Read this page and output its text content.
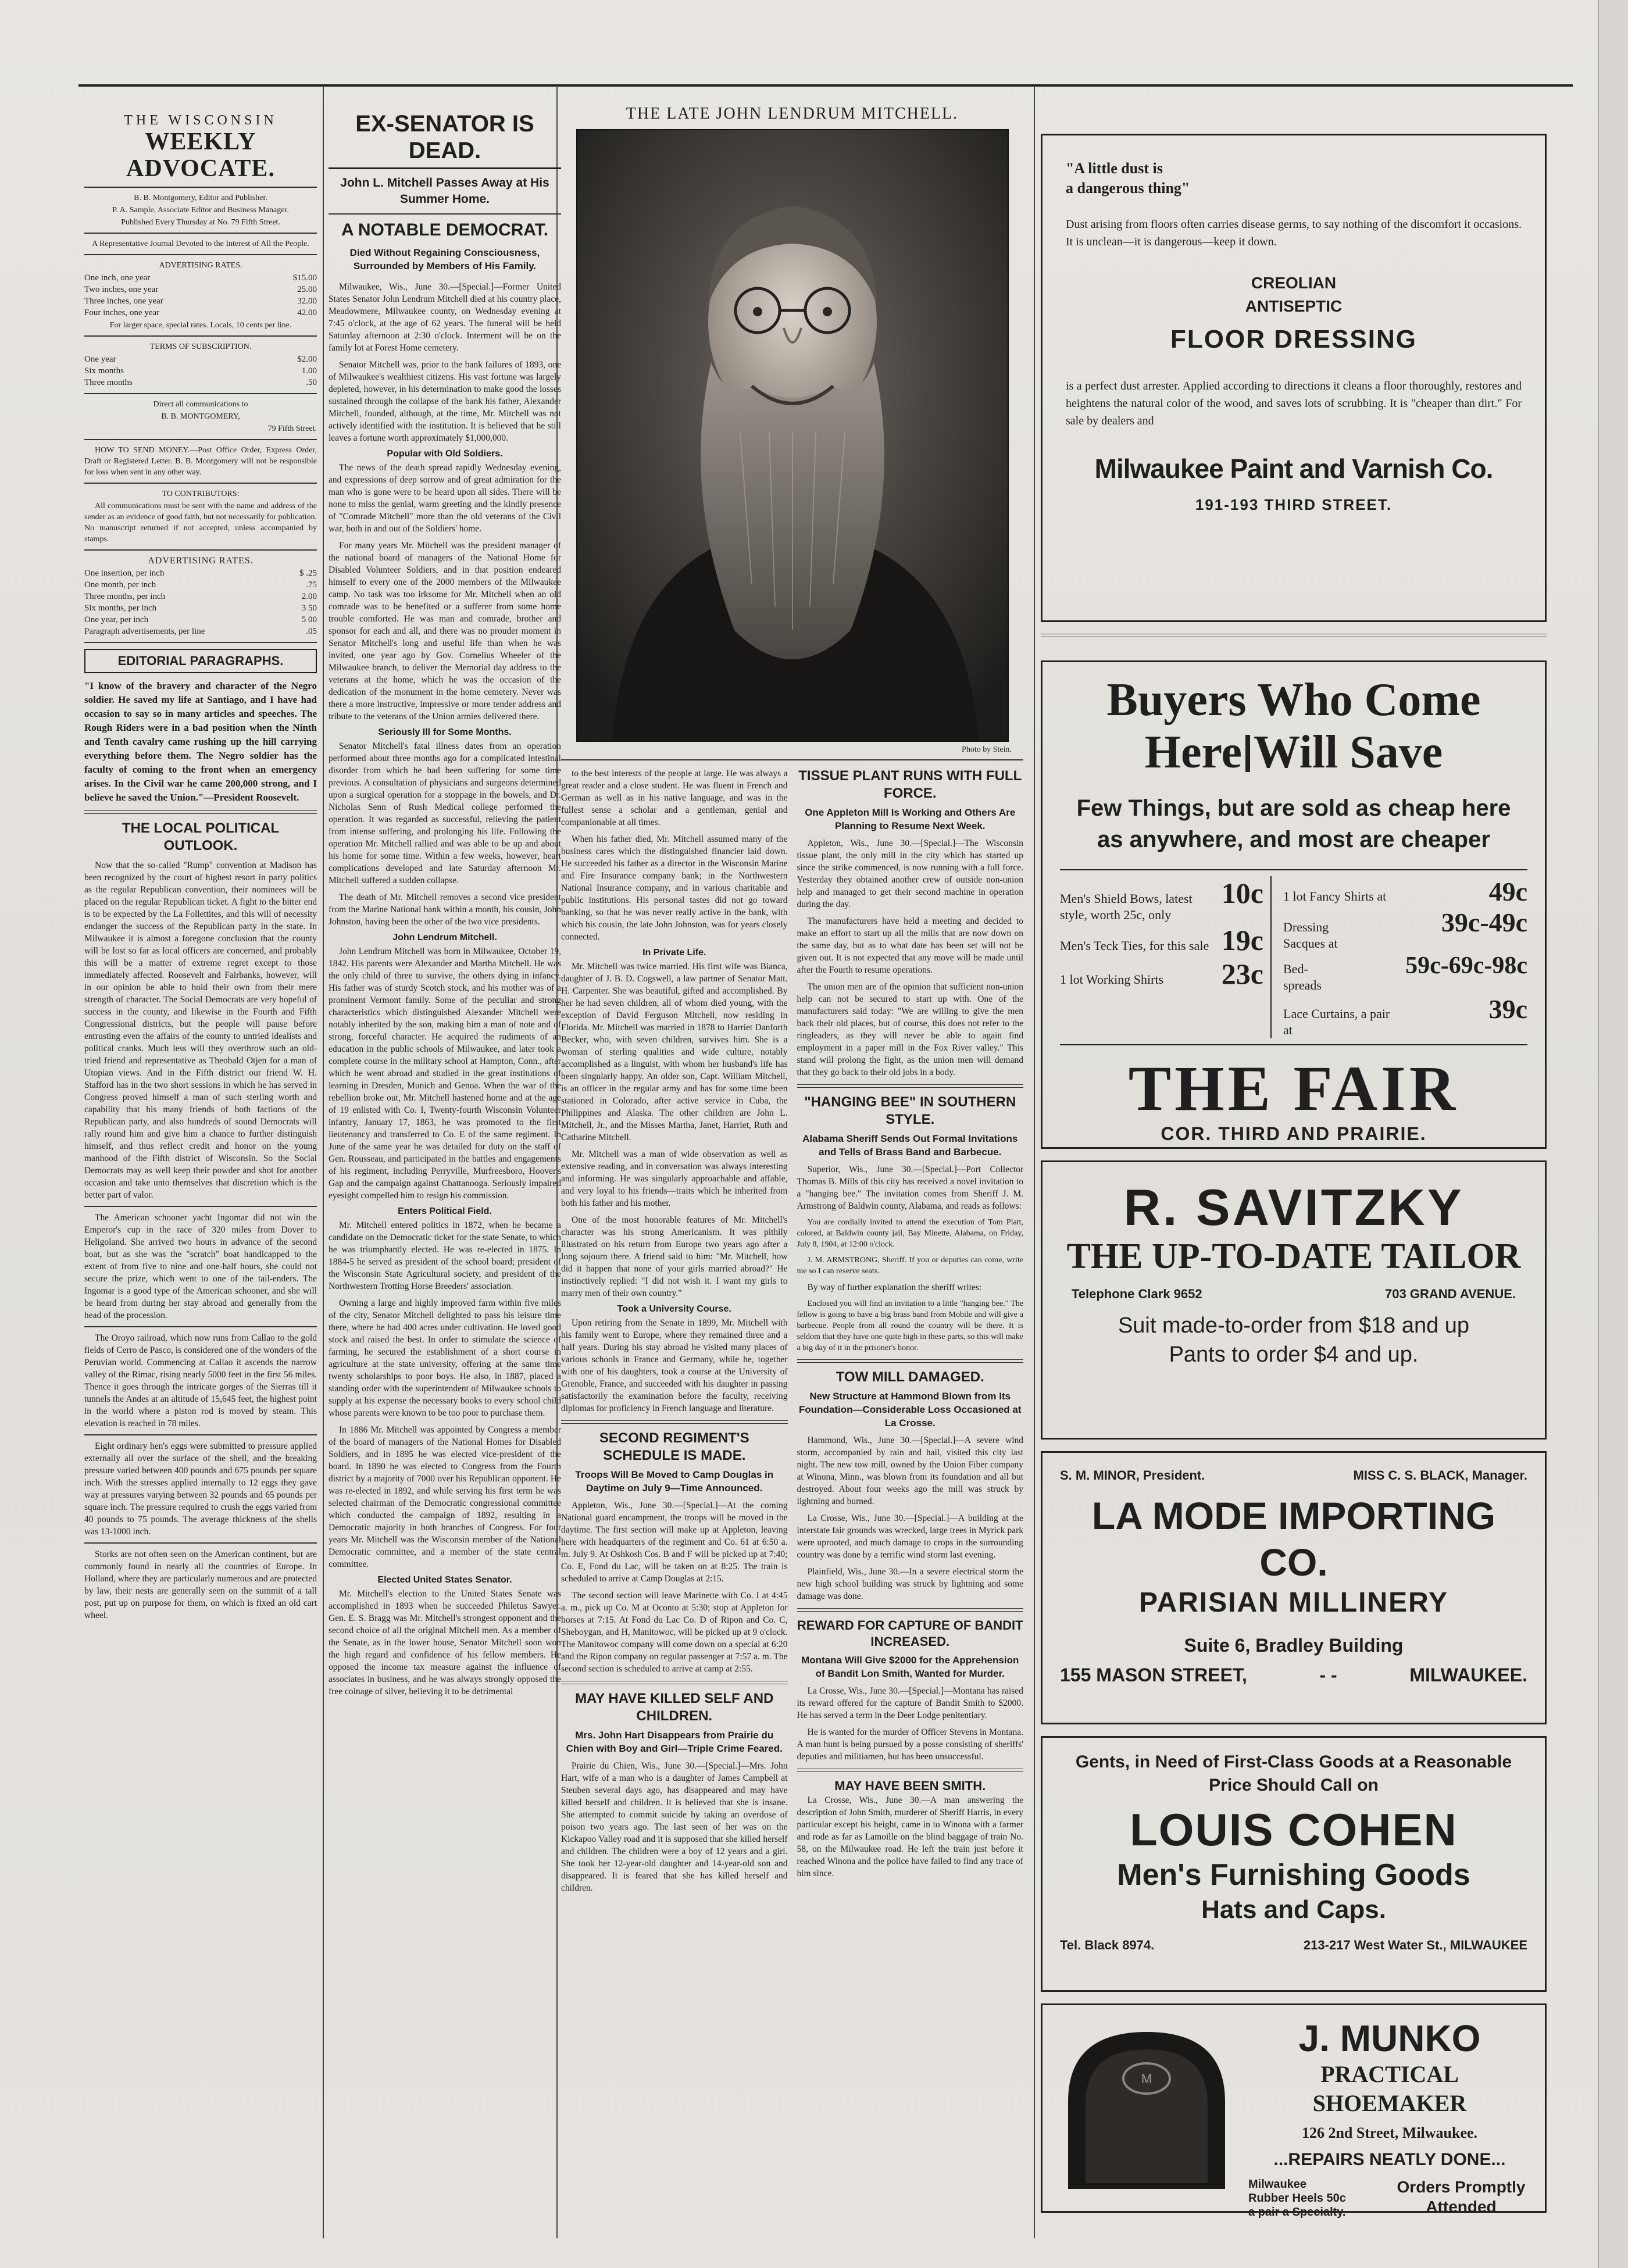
THE WISCONSIN
WEEKLY ADVOCATE.
B. B. Montgomery, Editor and Publisher.
P. A. Sample, Associate Editor and Business Manager.
Published Every Thursday at No. 79 Fifth Street.
A Representative Journal Devoted to the Interest of All the People.
ADVERTISING RATES.
One inch, one year	$15.00
Two inches, one year	25.00
Three inches, one year	32.00
Four inches, one year	42.00
For larger space, special rates. Locals, 10 cents per line.
TERMS OF SUBSCRIPTION.
One year	$2.00
Six months	1.00
Three months	.50
Direct all communications to
B. B. MONTGOMERY,
79 Fifth Street.

HOW TO SEND MONEY.—Post Office Order, Express Order, Draft or Registered Letter. B. B. Montgomery will not be responsible for loss when sent in any other way.

TO CONTRIBUTORS:

All communications must be sent with the name and address of the sender as an evidence of good faith, but not necessarily for publication. No manuscript returned if not accepted, unless accompanied by stamps.

ADVERTISING RATES.
One insertion, per inch	$ .25
One month, per inch	.75
Three months, per inch	2.00
Six months, per inch	3 50
One year, per inch	5 00
Paragraph advertisements, per line	.05
EDITORIAL PARAGRAPHS.

"I know of the bravery and character of the Negro soldier. He saved my life at Santiago, and I have had occasion to say so in many articles and speeches. The Rough Riders were in a bad position when the Ninth and Tenth cavalry came rushing up the hill carrying everything before them. The Negro soldier has the faculty of coming to the front when an emergency arises. In the Civil war he came 200,000 strong, and I believe he saved the Union."—President Roosevelt.

THE LOCAL POLITICAL OUTLOOK.

Now that the so-called "Rump" convention at Madison has been recognized by the court of highest resort in party politics as the regular Republican convention, their nominees will be placed on the regular Republican ticket. A fight to the bitter end is to be expected by the La Follettites, and this will of necessity endanger the success of the Republican party in the state. In Milwaukee it is almost a foregone conclusion that the county will be lost so far as local officers are concerned, and probably this will be a matter of extreme regret except to those immediately affected. Roosevelt and Fairbanks, however, will in our opinion be able to hold their own from their mere strength of character. The Social Democrats are very hopeful of success in the county, and likewise in the Fourth and Fifth Congressional districts, but the people will pause before entrusting even the affairs of the county to untried idealists and political cranks. Much less will they overthrow such an old-tried friend and representative as Theobald Otjen for a man of Utopian views. And in the Fifth district our friend W. H. Stafford has in the two short sessions in which he has served in Congress proved himself a man of such sterling worth and capability that his many friends of both factions of the Republican party, and also hundreds of sound Democrats will rally round him and give him a chance to further distinguish himself, and thus reflect credit and honor on the young manhood of the Fifth district of Wisconsin. So the Social Democrats may as well keep their powder and shot for another occasion and take unto themselves that discretion which is the better part of valor.

The American schooner yacht Ingomar did not win the Emperor's cup in the race of 320 miles from Dover to Heligoland. She arrived two hours in advance of the second boat, but as she was the "scratch" boat handicapped to the extent of from five to nine and one-half hours, she could not secure the prize, which went to one of the tail-enders. The Ingomar is a good type of the American schooner, and she will be heard from during her stay abroad and generally from the head of the procession.

The Oroyo railroad, which now runs from Callao to the gold fields of Cerro de Pasco, is considered one of the wonders of the Peruvian world. Commencing at Callao it ascends the narrow valley of the Rimac, rising nearly 5000 feet in the first 56 miles. Thence it goes through the intricate gorges of the Sierras till it tunnels the Andes at an altitude of 15,645 feet, the highest point in the world where a piston rod is moved by steam. This elevation is reached in 78 miles.

Eight ordinary hen's eggs were submitted to pressure applied externally all over the surface of the shell, and the breaking pressure varied between 400 pounds and 675 pounds per square inch. With the stresses applied internally to 12 eggs they gave way at pressures varying between 32 pounds and 65 pounds per square inch. The pressure required to crush the eggs varied from 40 pounds to 75 pounds. The average thickness of the shells was 13-1000 inch.

Storks are not often seen on the American continent, but are commonly found in nearly all the countries of Europe. In Holland, where they are particularly numerous and are protected by law, their nests are generally seen on the summit of a tall post, put up on purpose for them, on which is fixed an old cart wheel.

EX-SENATOR IS DEAD.
John L. Mitchell Passes Away at His Summer Home.
A NOTABLE DEMOCRAT.
Died Without Regaining Consciousness, Surrounded by Members of His Family.

Milwaukee, Wis., June 30.—[Special.]—Former United States Senator John Lendrum Mitchell died at his country place, Meadowmere, Milwaukee county, on Wednesday evening at 7:45 o'clock, at the age of 62 years. The funeral will be held Saturday afternoon at 2:30 o'clock. Interment will be on the family lot at Forest Home cemetery.

Senator Mitchell was, prior to the bank failures of 1893, one of Milwaukee's wealthiest citizens. His vast fortune was largely depleted, however, in his determination to make good the losses sustained through the collapse of the bank his father, Alexander Mitchell, founded, although, at the time, Mr. Mitchell was not actively identified with the institution. It is believed that he still leaves a fortune worth approximately $1,000,000.

Popular with Old Soldiers.

The news of the death spread rapidly Wednesday evening, and expressions of deep sorrow and of great admiration for the man who is gone were to be heard upon all sides. There will be none to miss the genial, warm greeting and the kindly presence of "Comrade Mitchell" more than the old veterans of the Civil war, both in and out of the Soldiers' home.

For many years Mr. Mitchell was the president manager of the national board of managers of the National Home for Disabled Volunteer Soldiers, and in that position endeared himself to every one of the 2000 members of the Milwaukee camp. No task was too irksome for Mr. Mitchell when an old comrade was to be benefited or a sufferer from some home trouble comforted. He was man and comrade, brother and sponsor for each and all, and there was no prouder moment in Senator Mitchell's long and useful life than when he was invited, one year ago by Gov. Cornelius Wheeler of the Milwaukee branch, to deliver the Memorial day address to the veterans at the home, which he was the occasion of the dedication of the monument in the home cemetery. Never was there a more instructive, impressive or more tender address and tribute to the veterans of the Union armies delivered there.

Seriously Ill for Some Months.

Senator Mitchell's fatal illness dates from an operation performed about three months ago for a complicated intestinal disorder from which he had been suffering for some time previous. A consultation of physicians and surgeons determined upon a surgical operation for a stoppage in the bowels, and Dr. Nicholas Senn of Rush Medical college performed the operation. It was regarded as successful, relieving the patient from intense suffering, and prolonging his life. Following the operation Mr. Mitchell rallied and was able to be up and about his home for some time. Within a few weeks, however, heart complications developed and late Saturday afternoon Mr. Mitchell suffered a sudden collapse.

The death of Mr. Mitchell removes a second vice president from the Marine National bank within a month, his cousin, John Johnston, having been the other of the two vice presidents.

John Lendrum Mitchell.

John Lendrum Mitchell was born in Milwaukee, October 19, 1842. His parents were Alexander and Martha Mitchell. He was the only child of three to survive, the others dying in infancy. His father was of sturdy Scotch stock, and his mother was of a prominent Vermont family. Some of the peculiar and strong characteristics which distinguished Alexander Mitchell were notably inherited by the son, making him a man of note and of strong, forceful character. He acquired the rudiments of an education in the public schools of Milwaukee, and later took a complete course in the military school at Hampton, Conn., after which he went abroad and studied in the great institutions of learning in Dresden, Munich and Genoa. When the war of the rebellion broke out, Mr. Mitchell hastened home and at the age of 19 enlisted with Co. I, Twenty-fourth Wisconsin Volunteer infantry, January 17, 1863, he was promoted to the first lieutenancy and transferred to Co. E of the same regiment. In June of the same year he was detailed for duty on the staff of Gen. Rousseau, and participated in the battles and engagements of his regiment, including Perryville, Murfreesboro, Hoover's Gap and the campaign against Chattanooga. Seriously impaired eyesight compelled him to resign his commission.

Enters Political Field.

Mr. Mitchell entered politics in 1872, when he became a candidate on the Democratic ticket for the state Senate, to which he was triumphantly elected. He was re-elected in 1875. In 1884-5 he served as president of the school board; president of the Wisconsin State Agricultural society, and president of the Northwestern Trotting Horse Breeders' association.

Owning a large and highly improved farm within five miles of the city, Senator Mitchell delighted to pass his leisure time there, where he had 400 acres under cultivation. He loved good stock and raised the best. In order to stimulate the science of farming, he secured the establishment of a short course in agriculture at the state university, offering at the same time twenty scholarships to poor boys. He also, in 1887, placed a standing order with the superintendent of Milwaukee schools to supply at his expense the necessary books to every school child whose parents were known to be too poor to purchase them.

In 1886 Mr. Mitchell was appointed by Congress a member of the board of managers of the National Homes for Disabled Soldiers, and in 1895 he was elected vice-president of the board. In 1890 he was elected to Congress from the Fourth district by a majority of 7000 over his Republican opponent. He was re-elected in 1892, and while serving his first term he was selected chairman of the Democratic congressional committee which conducted the campaign of 1892, resulting in a Democratic majority in both branches of Congress. For four years Mr. Mitchell was the Wisconsin member of the National Democratic committee, and a member of the state central committee.

Elected United States Senator.

Mr. Mitchell's election to the United States Senate was accomplished in 1893 when he succeeded Philetus Sawyer. Gen. E. S. Bragg was Mr. Mitchell's strongest opponent and the second choice of all the original Mitchell men. As a member of the Senate, as in the lower house, Senator Mitchell soon won the high regard and confidence of his fellow members. He opposed the income tax measure against the influence of associates in business, and he was always strongly opposed the free coinage of silver, believing it to be detrimental

THE LATE JOHN LENDRUM MITCHELL.
Photo by Stein.

to the best interests of the people at large. He was always a great reader and a close student. He was fluent in French and German as well as in his native language, and was in the fullest sense a scholar and a gentleman, genial and companionable at all times.

When his father died, Mr. Mitchell assumed many of the business cares which the distinguished financier laid down. He succeeded his father as a director in the Wisconsin Marine and Fire Insurance company bank; in the Northwestern National Insurance company, and in various charitable and public institutions. His personal tastes did not go toward banking, so that he was never really active in the bank, with which his cousin, the late John Johnston, was for years closely connected.

In Private Life.

Mr. Mitchell was twice married. His first wife was Bianca, daughter of J. B. D. Cogswell, a law partner of Senator Matt. H. Carpenter. She was beautiful, gifted and accomplished. By her he had seven children, all of whom died young, with the exception of David Ferguson Mitchell, now residing in Florida. Mr. Mitchell was married in 1878 to Harriet Danforth Becker, who, with seven children, survives him. She is a woman of sterling qualities and wide culture, notably accomplished as a linguist, with whom her husband's life has been singularly happy. An older son, Capt. William Mitchell, is an officer in the regular army and has for some time been stationed in Colorado, after active service in Cuba, the Philippines and Alaska. The other children are John L. Mitchell, Jr., and the Misses Martha, Janet, Harriet, Ruth and Catharine Mitchell.

Mr. Mitchell was a man of wide observation as well as extensive reading, and in conversation was always interesting and informing. He was singularly approachable and affable, and very loyal to his friends—traits which he inherited from both his father and his mother.

One of the most honorable features of Mr. Mitchell's character was his strong Americanism. It was pithily illustrated on his return from Europe two years ago after a long sojourn there. A friend said to him: "Mr. Mitchell, how did it happen that none of your girls married abroad?" He instinctively replied: "I did not wish it. I want my girls to marry men of their own country."

Took a University Course.

Upon retiring from the Senate in 1899, Mr. Mitchell with his family went to Europe, where they remained three and a half years. During his stay abroad he visited many places of various schools in France and Germany, while he, together with one of his daughters, took a course at the University of Grenoble, France, and succeeded with his daughter in passing satisfactorily the examination before the faculty, receiving diplomas for proficiency in French language and literature.

SECOND REGIMENT'S SCHEDULE IS MADE.
Troops Will Be Moved to Camp Douglas in Daytime on July 9—Time Announced.

Appleton, Wis., June 30.—[Special.]—At the coming National guard encampment, the troops will be moved in the daytime. The first section will make up at Appleton, leaving here with headquarters of the regiment and Co. 61 at 6:50 a. m. July 9. At Oshkosh Cos. B and F will be picked up at 7:40; Co. E, Fond du Lac, will be taken on at 8:25. The train is scheduled to arrive at Camp Douglas at 2:15.

The second section will leave Marinette with Co. I at 4:45 a. m., pick up Co. M at Oconto at 5:30; stop at Appleton for horses at 7:15. At Fond du Lac Co. D of Ripon and Co. C, Sheboygan, and H, Manitowoc, will be picked up at 9 o'clock. The Manitowoc company will come down on a special at 6:20 and the Ripon company on regular passenger at 7:57 a. m. The second section is scheduled to arrive at camp at 2:55.

MAY HAVE KILLED SELF AND CHILDREN.
Mrs. John Hart Disappears from Prairie du Chien with Boy and Girl—Triple Crime Feared.

Prairie du Chien, Wis., June 30.—[Special.]—Mrs. John Hart, wife of a man who is a daughter of James Campbell at Steuben several days ago, has disappeared and may have killed herself and children. It is believed that she is insane. She attempted to commit suicide by taking an overdose of poison two years ago. The last seen of her was on the Kickapoo Valley road and it is supposed that she killed herself and children. The children were a boy of 12 years and a girl. She took her 12-year-old daughter and 14-year-old son and disappeared. It is feared that she has killed herself and children.

TISSUE PLANT RUNS WITH FULL FORCE.
One Appleton Mill Is Working and Others Are Planning to Resume Next Week.

Appleton, Wis., June 30.—[Special.]—The Wisconsin tissue plant, the only mill in the city which has started up since the strike commenced, is now running with a full force. Yesterday they obtained another crew of outside non-union help and managed to get their second machine in operation during the day.

The manufacturers have held a meeting and decided to make an effort to start up all the mills that are now down on the same day, but as to what date has been set will not be given out. It is not expected that any move will be made until after the Fourth to resume operations.

The union men are of the opinion that sufficient non-union help can not be secured to start up with. One of the manufacturers said today: "We are willing to give the men back their old places, but of course, this does not refer to the ringleaders, as they will never be able to again find employment in a paper mill in the Fox River valley." This stand will prolong the fight, as the union men will demand that they go back to their old jobs in a body.

"HANGING BEE" IN SOUTHERN STYLE.
Alabama Sheriff Sends Out Formal Invitations and Tells of Brass Band and Barbecue.

Superior, Wis., June 30.—[Special.]—Port Collector Thomas B. Mills of this city has received a novel invitation to a "hanging bee." The invitation comes from Sheriff J. M. Armstrong of Baldwin county, Alabama, and reads as follows:

You are cordially invited to attend the execution of Tom Platt, colored, at Baldwin county jail, Bay Minette, Alabama, on Friday, July 8, 1904, at 12:00 o'clock.

J. M. ARMSTRONG, Sheriff. If you or deputies can come, write me so I can reserve seats.

By way of further explanation the sheriff writes:

Enclosed you will find an invitation to a little "hanging bee." The fellow is going to have a big brass band from Mobile and will give a barbecue. People from all round the country will be there. It is seldom that they have one quite high in these parts, so this will make a big day of it in the prisoner's honor.

TOW MILL DAMAGED.
New Structure at Hammond Blown from Its Foundation—Considerable Loss Occasioned at La Crosse.

Hammond, Wis., June 30.—[Special.]—A severe wind storm, accompanied by rain and hail, visited this city last night. The new tow mill, owned by the Union Fiber company at Winona, Minn., was blown from its foundation and all but destroyed. About four weeks ago the mill was struck by lightning and burned.

La Crosse, Wis., June 30.—[Special.]—A building at the interstate fair grounds was wrecked, large trees in Myrick park were uprooted, and much damage to crops in the surrounding country was done by a terrific wind storm last evening.

Plainfield, Wis., June 30.—In a severe electrical storm the new high school building was struck by lightning and some damage was done.

REWARD FOR CAPTURE OF BANDIT INCREASED.
Montana Will Give $2000 for the Apprehension of Bandit Lon Smith, Wanted for Murder.

La Crosse, Wis., June 30.—[Special.]—Montana has raised its reward offered for the capture of Bandit Smith to $2000. He has served a term in the Deer Lodge penitentiary.

He is wanted for the murder of Officer Stevens in Montana. A man hunt is being pursued by a posse consisting of sheriffs' deputies and militiamen, but has been unsuccessful.

MAY HAVE BEEN SMITH.

La Crosse, Wis., June 30.—A man answering the description of John Smith, murderer of Sheriff Harris, in every particular except his height, came in to Winona with a farmer and rode as far as Lamoille on the blind baggage of train No. 58, on the Milwaukee road. He left the train just before it reached Winona and the police have failed to find any trace of him since.

"A little dust is
a dangerous thing"
Dust arising from floors often carries disease germs, to say nothing of the discomfort it occasions. It is unclean—it is dangerous—keep it down.
CREOLIAN
ANTISEPTIC
FLOOR DRESSING
is a perfect dust arrester. Applied according to directions it cleans a floor thoroughly, restores and heightens the natural color of the wood, and saves lots of scrubbing. It is "cheaper than dirt." For sale by dealers and
Milwaukee Paint and Varnish Co.
191-193 THIRD STREET.
Buyers Who Come
Here Will Save
Few Things, but are sold as cheap here as anywhere, and most are cheaper
Men's Shield Bows, latest style, worth 25c, only
10c
Men's Teck Ties, for this sale 19c
1 lot Working Shirts 23c
1 lot Fancy Shirts at	49c
Dressing Sacques at
39c-49c
Bed-spreads
59c-69c-98c
Lace Curtains, a pair at
39c
THE FAIR
COR. THIRD AND PRAIRIE.
R. SAVITZKY
THE UP-TO-DATE TAILOR
Telephone Clark 9652	703 GRAND AVENUE.
Suit made-to-order from $18 and up
Pants to order $4 and up.
S. M. MINOR, President.	MISS C. S. BLACK, Manager.
LA MODE IMPORTING CO.
PARISIAN MILLINERY
Suite 6, Bradley Building
155 MASON STREET,	- -	MILWAUKEE.
Gents, in Need of First-Class Goods at a Reasonable Price Should Call on
LOUIS COHEN
Men's Furnishing Goods
Hats and Caps.
Tel. Black 8974.	213-217 West Water St., MILWAUKEE
M
J. MUNKO
PRACTICAL SHOEMAKER
126 2nd Street, Milwaukee.
...REPAIRS NEATLY DONE...
Milwaukee
Rubber Heels 50c
a pair a Specialty.
Orders Promptly Attended
